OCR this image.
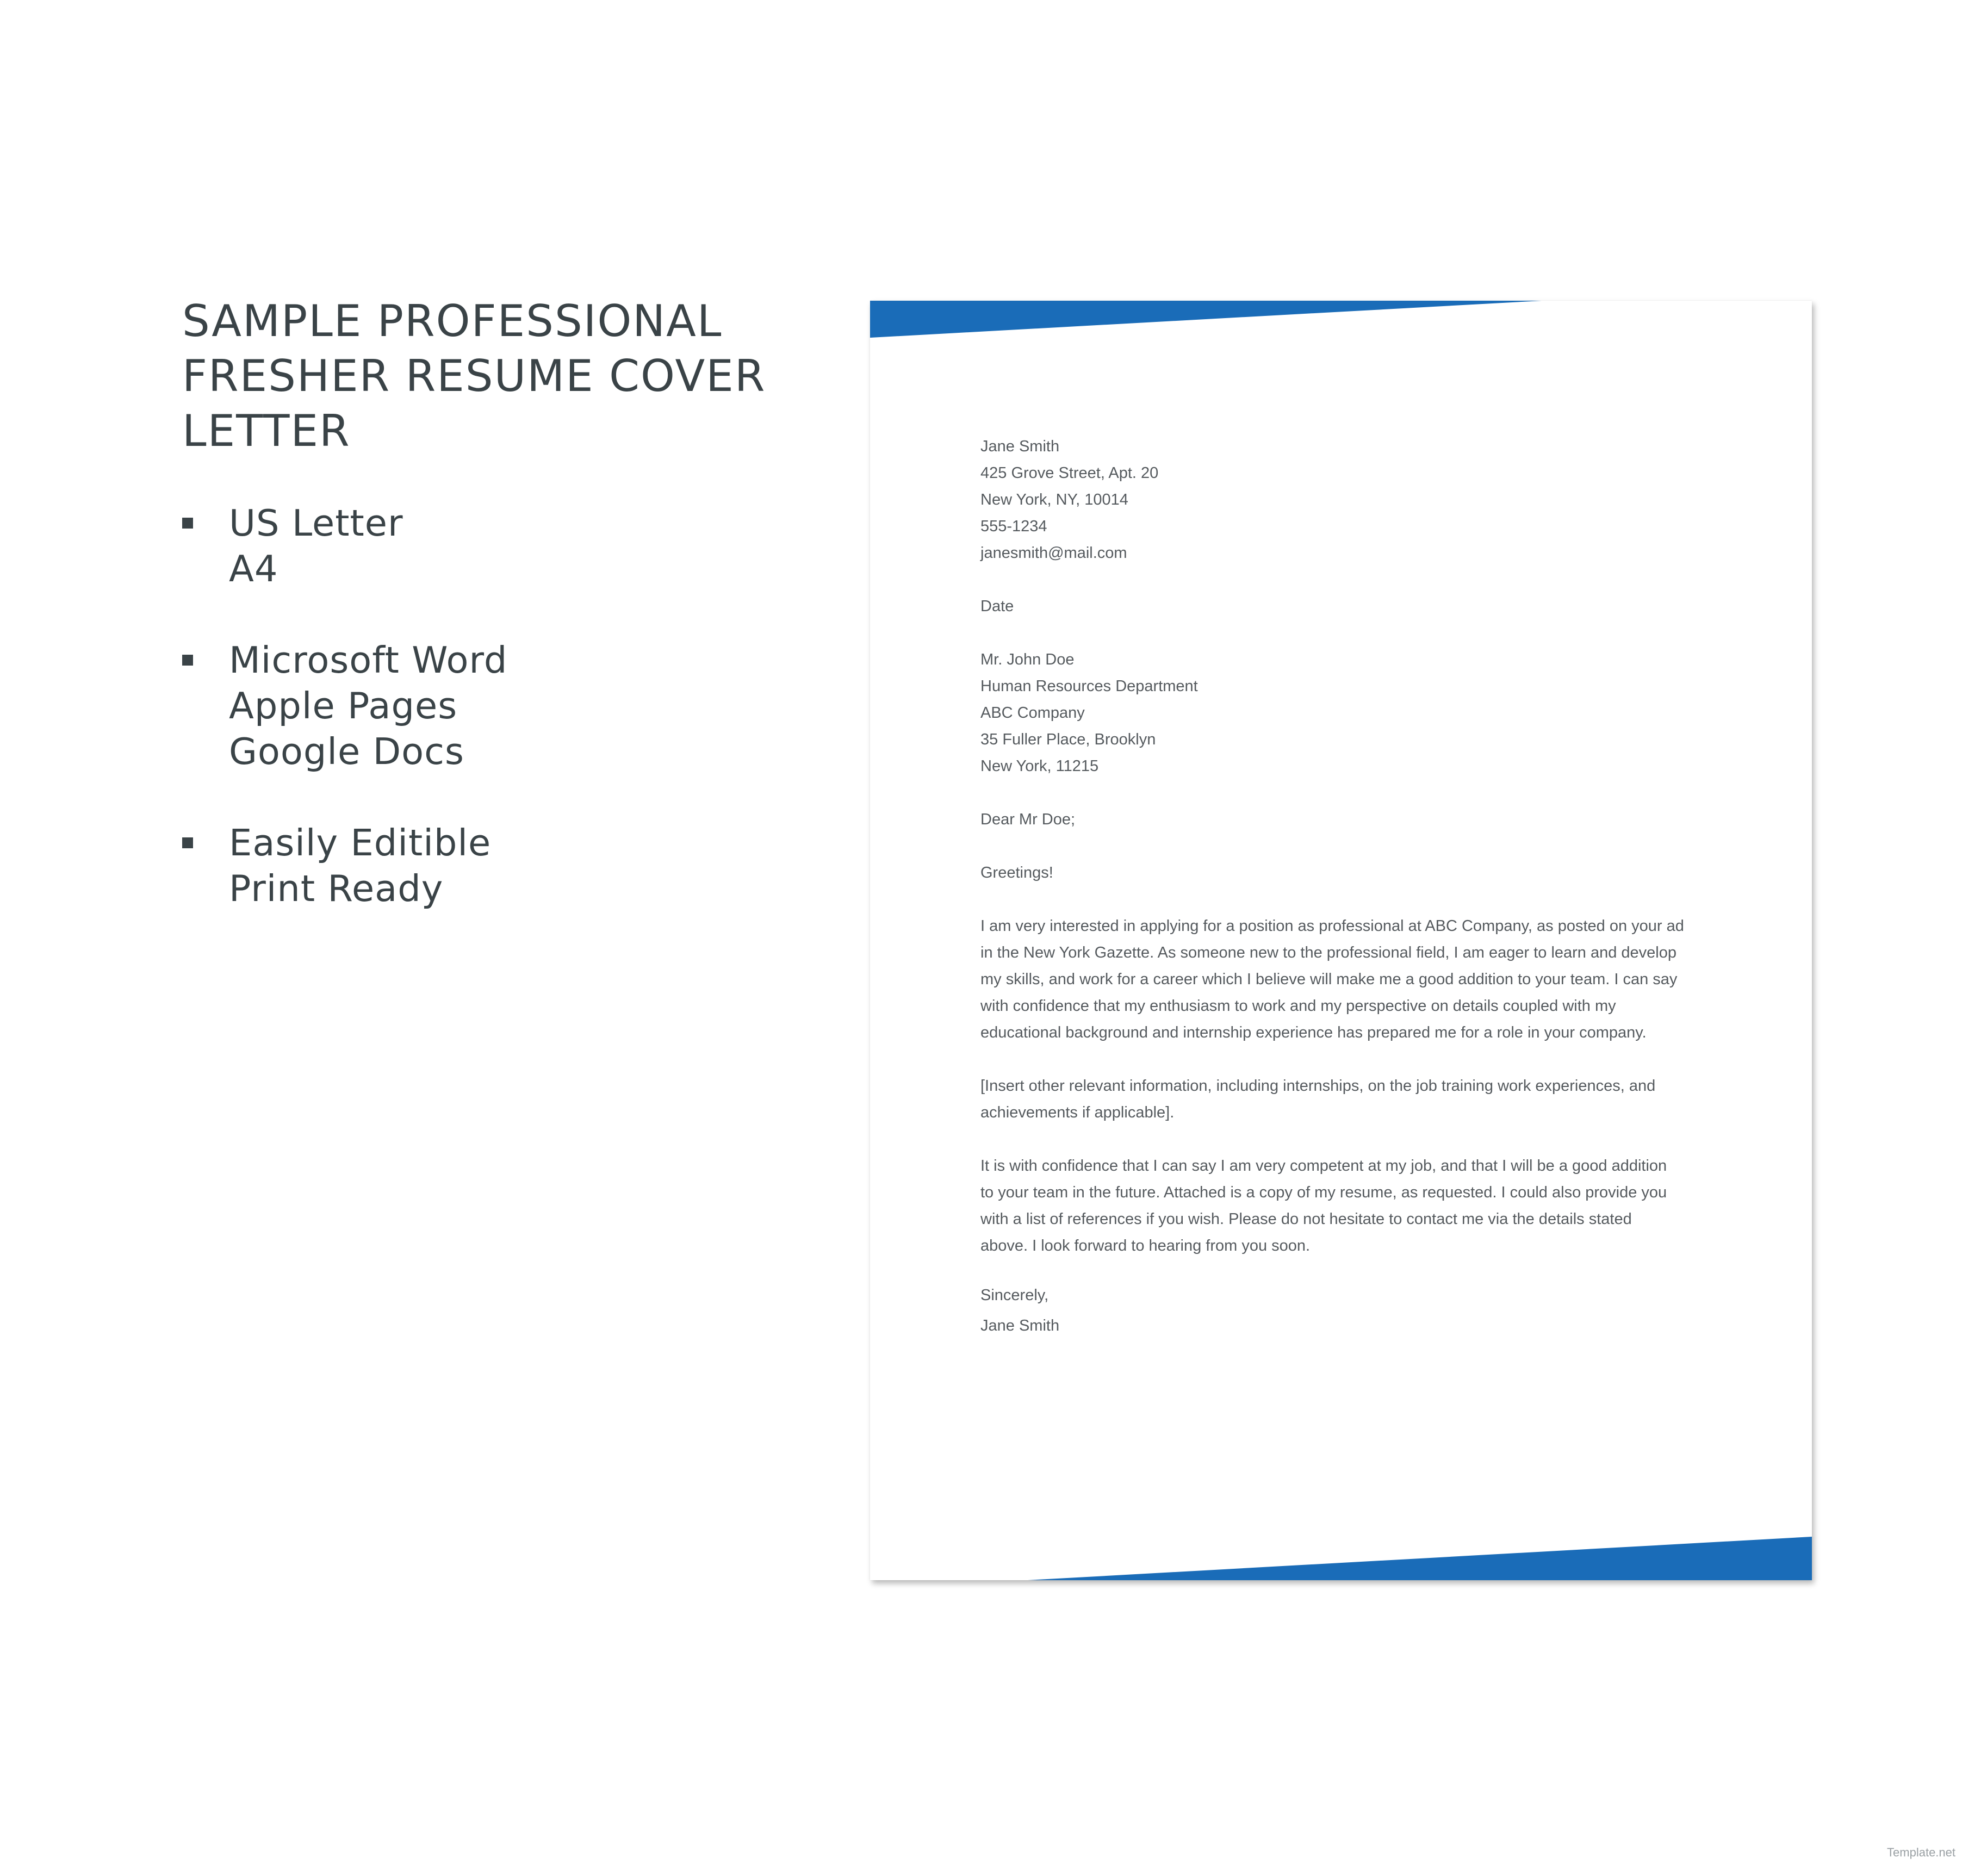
SAMPLE PROFESSIONAL
FRESHER RESUME COVER
LETTER
US Letter
A4
Microsoft Word
Apple Pages
Google Docs
Easily Editible
Print Ready
Jane Smith
425 Grove Street, Apt. 20
New York, NY, 10014
555-1234
janesmith@mail.com
Date
Mr. John Doe
Human Resources Department
ABC Company
35 Fuller Place, Brooklyn
New York, 11215
Dear Mr Doe;
Greetings!
I am very interested in applying for a position as professional at ABC Company, as posted on your ad
in the New York Gazette. As someone new to the professional field, I am eager to learn and develop
my skills, and work for a career which I believe will make me a good addition to your team. I can say
with confidence that my enthusiasm to work and my perspective on details coupled with my
educational background and internship experience has prepared me for a role in your company.
[Insert other relevant information, including internships, on the job training work experiences, and
achievements if applicable].
It is with confidence that I can say I am very competent at my job, and that I will be a good addition
to your team in the future. Attached is a copy of my resume, as requested. I could also provide you
with a list of references if you wish. Please do not hesitate to contact me via the details stated
above. I look forward to hearing from you soon.
Sincerely,
Jane Smith
Template.net
